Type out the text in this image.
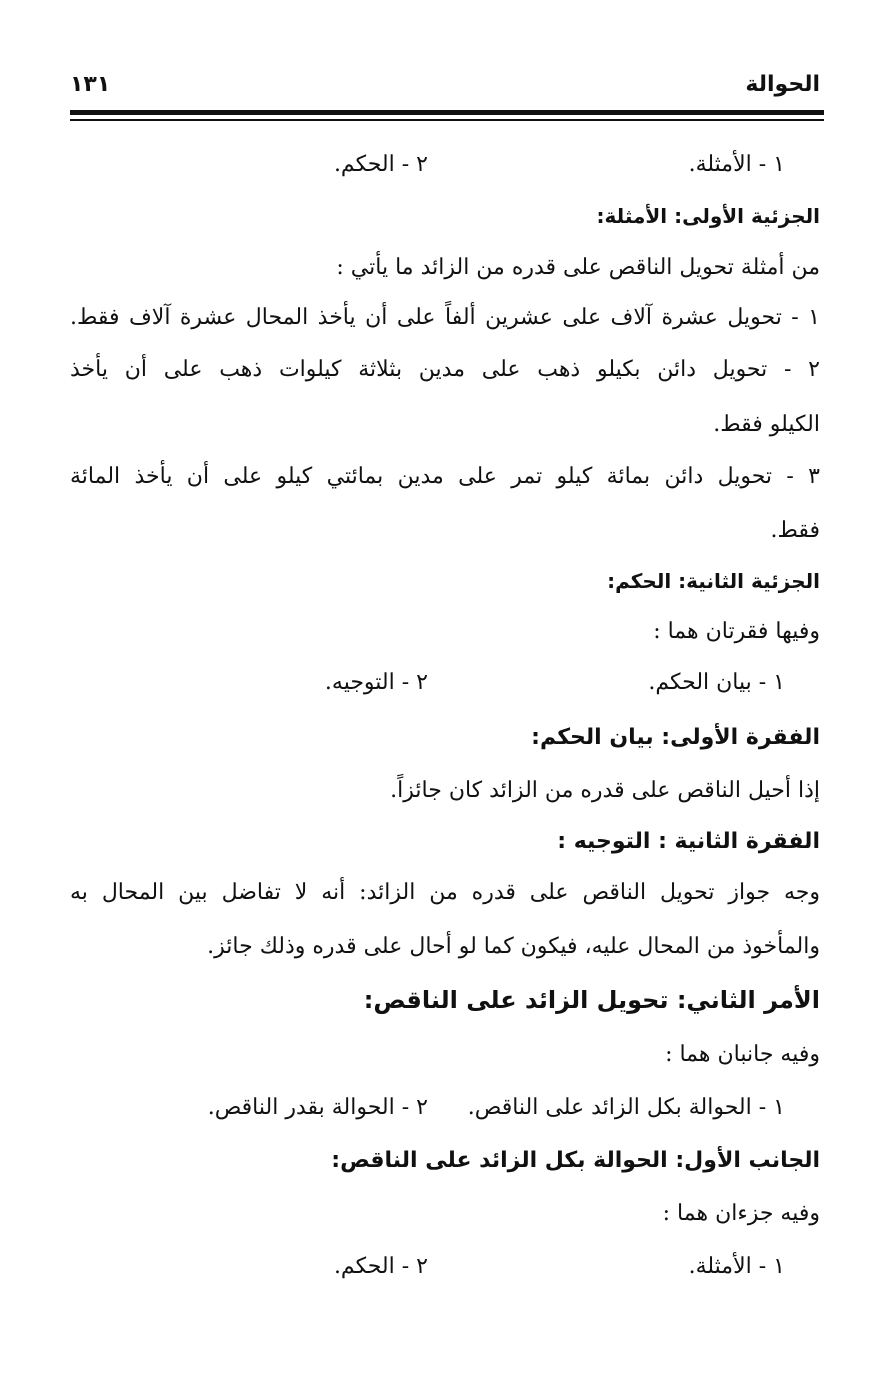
الحوالة
١٣١
١ - الأمثلة.
٢ - الحكم.
الجزئية الأولى: الأمثلة:
من أمثلة تحويل الناقص على قدره من الزائد ما يأتي :
١ - تحويل عشرة آلاف على عشرين ألفاً على أن يأخذ المحال عشرة آلاف فقط.
٢ - تحويل دائن بكيلو ذهب على مدين بثلاثة كيلوات ذهب على أن يأخذ
الكيلو فقط.
٣ - تحويل دائن بمائة كيلو تمر على مدين بمائتي كيلو على أن يأخذ المائة
فقط.
الجزئية الثانية: الحكم:
وفيها فقرتان هما :
١ - بيان الحكم.
٢ - التوجيه.
الفقرة الأولى: بيان الحكم:
إذا أحيل الناقص على قدره من الزائد كان جائزاً.
الفقرة الثانية : التوجيه :
وجه جواز تحويل الناقص على قدره من الزائد: أنه لا تفاضل بين المحال به
والمأخوذ من المحال عليه، فيكون كما لو أحال على قدره وذلك جائز.
الأمر الثاني: تحويل الزائد على الناقص:
وفيه جانبان هما :
١ - الحوالة بكل الزائد على الناقص.
٢ - الحوالة بقدر الناقص.
الجانب الأول: الحوالة بكل الزائد على الناقص:
وفيه جزءان هما :
١ - الأمثلة.
٢ - الحكم.
